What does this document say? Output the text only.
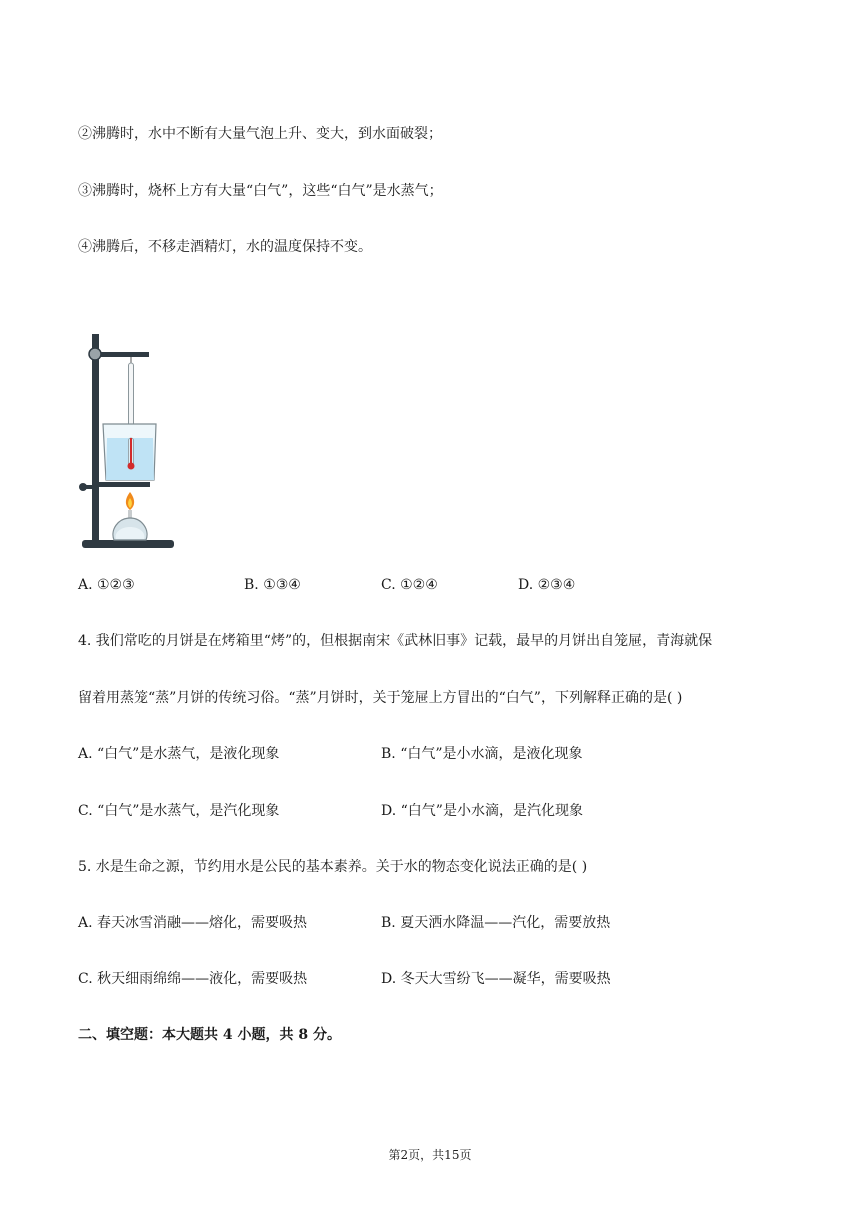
②沸腾时，水中不断有大量气泡上升、变大，到水面破裂；
③沸腾时，烧杯上方有大量“白气”，这些“白气”是水蒸气；
④沸腾后，不移走酒精灯，水的温度保持不变。
A. ①②③	B. ①③④	C. ①②④	D. ②③④
4. 我们常吃的月饼是在烤箱里“烤”的，但根据南宋《武林旧事》记载，最早的月饼出自笼屉，青海就保
留着用蒸笼“蒸”月饼的传统习俗。“蒸”月饼时，关于笼屉上方冒出的“白气”，下列解释正确的是( )
A. “白气”是水蒸气，是液化现象	B. “白气”是小水滴，是液化现象
C. “白气”是水蒸气，是汽化现象	D. “白气”是小水滴，是汽化现象
5. 水是生命之源，节约用水是公民的基本素养。关于水的物态变化说法正确的是( )
A. 春天冰雪消融——熔化，需要吸热	B. 夏天洒水降温——汽化，需要放热
C. 秋天细雨绵绵——液化，需要吸热	D. 冬天大雪纷飞——凝华，需要吸热
二、填空题：本大题共 4 小题，共 8 分。
第2页，共15页
